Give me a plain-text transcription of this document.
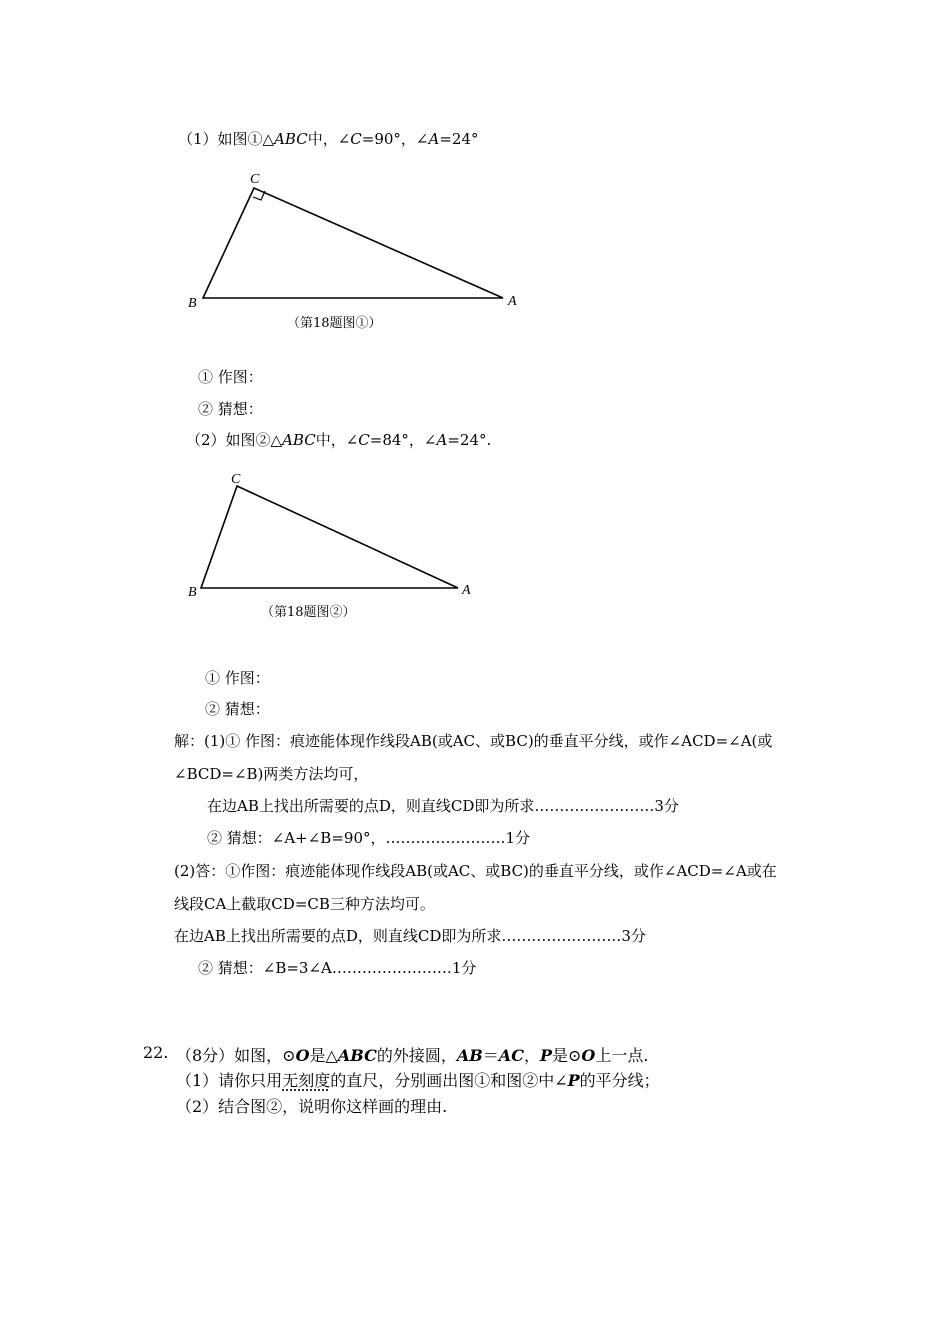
（1）如图①△ABC中，∠C=90°，∠A=24°
C
B	A
（第18题图①）
① 作图：
② 猜想：
（2）如图②△ABC中，∠C=84°，∠A=24°.
C
B	A
（第18题图②）
① 作图：
② 猜想：
解：(1)① 作图：痕迹能体现作线段AB(或AC、或BC)的垂直平分线，或作∠ACD=∠A(或
∠BCD=∠B)两类方法均可，
在边AB上找出所需要的点D，则直线CD即为所求……………………3分
② 猜想：∠A+∠B=90°，……………………1分
(2)答：①作图：痕迹能体现作线段AB(或AC、或BC)的垂直平分线，或作∠ACD=∠A或在
线段CA上截取CD=CB三种方法均可。
在边AB上找出所需要的点D，则直线CD即为所求……………………3分
② 猜想：∠B=3∠A……………………1分
22. （8分）如图，⊙O是△ABC的外接圆，AB＝AC，P是⊙O上一点.
（1）请你只用无刻度的直尺，分别画出图①和图②中∠P的平分线；
（2）结合图②，说明你这样画的理由.
